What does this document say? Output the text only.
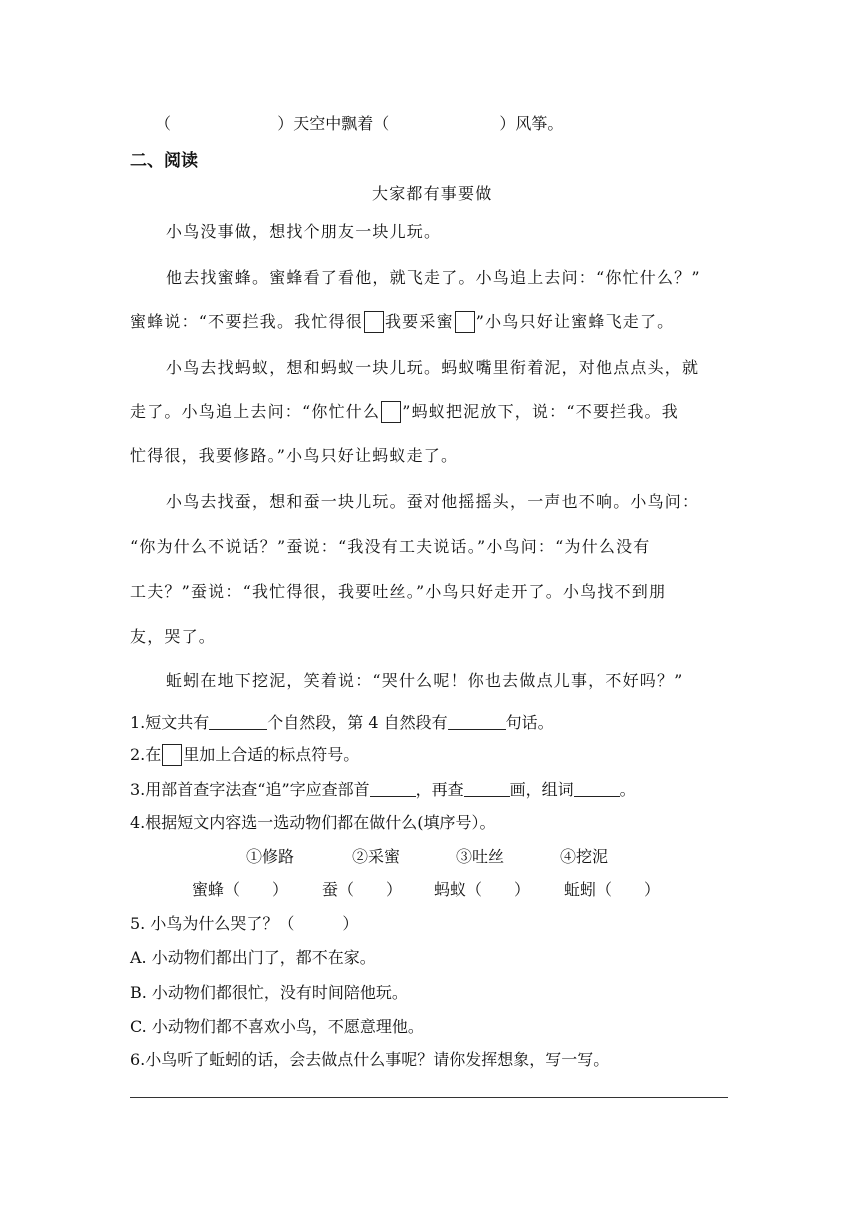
（	）天空中飘着（	）风筝。
二、阅读
大家都有事要做
小鸟没事做，想找个朋友一块儿玩。
他去找蜜蜂。蜜蜂看了看他，就飞走了。小鸟追上去问：“你忙什么？”
蜜蜂说：“不要拦我。我忙得很 我要采蜜 ”小鸟只好让蜜蜂飞走了。
小鸟去找蚂蚁，想和蚂蚁一块儿玩。蚂蚁嘴里衔着泥，对他点点头，就
走了。小鸟追上去问：“你忙什么 ”蚂蚁把泥放下，说：“不要拦我。我
忙得很，我要修路。”小鸟只好让蚂蚁走了。
小鸟去找蚕，想和蚕一块儿玩。蚕对他摇摇头，一声也不响。小鸟问：
“你为什么不说话？”蚕说：“我没有工夫说话。”小鸟问：“为什么没有
工夫？”蚕说：“我忙得很，我要吐丝。”小鸟只好走开了。小鸟找不到朋
友，哭了。
蚯蚓在地下挖泥，笑着说：“哭什么呢！你也去做点儿事，不好吗？”
1.短文共有	个自然段，第 4 自然段有	句话。
2.在 里加上合适的标点符号。
3.用部首查字法查“追”字应查部首	，再查	画，组词	。
4.根据短文内容选一选动物们都在做什么(填序号）。
①修路	②采蜜	③吐丝	④挖泥
蜜蜂（　　） 蚕（　　） 蚂蚁（　　） 蚯蚓（　　）
5. 小鸟为什么哭了？（　　　）
A. 小动物们都出门了，都不在家。
B. 小动物们都很忙，没有时间陪他玩。
C. 小动物们都不喜欢小鸟，不愿意理他。
6.小鸟听了蚯蚓的话，会去做点什么事呢？请你发挥想象，写一写。
